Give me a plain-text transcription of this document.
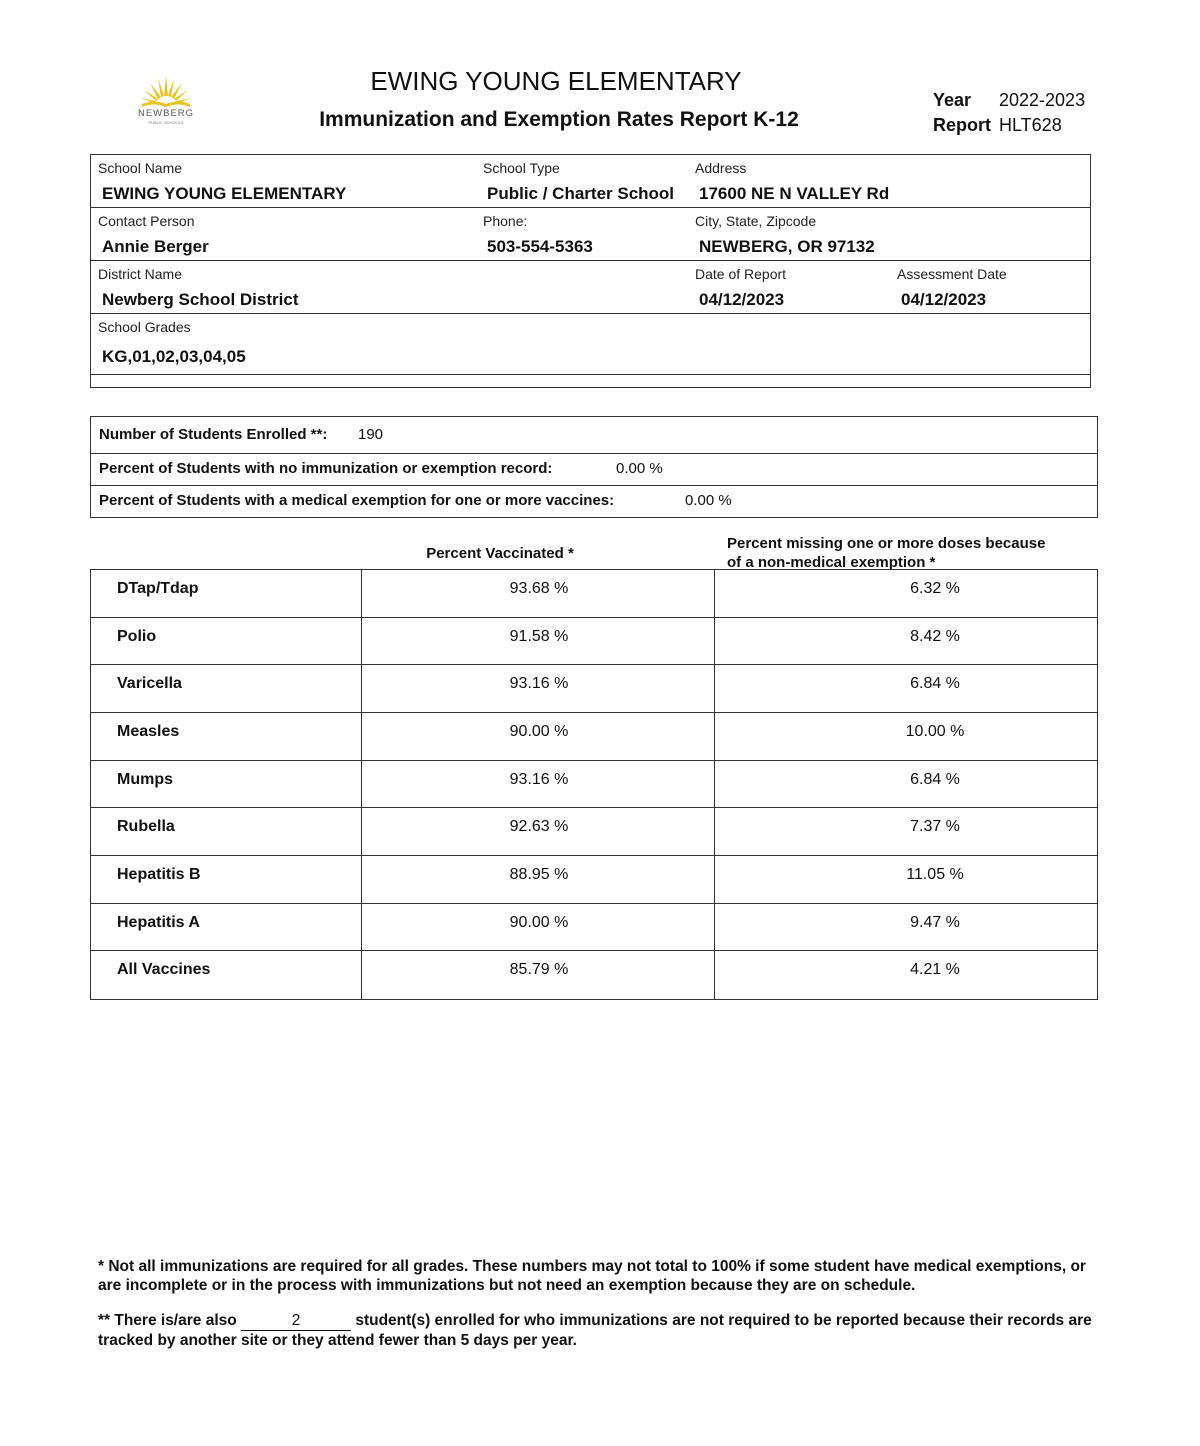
NEWBERG
PUBLIC SCHOOLS
EWING YOUNG ELEMENTARY
Immunization and Exemption Rates Report K-12
Year 2022-2023
Report HLT628
School Name
EWING YOUNG ELEMENTARY
School Type
Public / Charter School
Address
17600 NE N VALLEY Rd
Contact Person
Annie Berger
Phone:
503-554-5363
City, State, Zipcode
NEWBERG, OR 97132
District Name
Newberg School District
Date of Report
04/12/2023
Assessment Date
04/12/2023
School Grades
KG,01,02,03,04,05
Number of Students Enrolled **: 190
Percent of Students with no immunization or exemption record:	0.00 %
Percent of Students with a medical exemption for one or more vaccines:	0.00 %
Percent Vaccinated *
Percent missing one or more doses because
of a non-medical exemption *
DTap/Tdap	93.68 %	6.32 %
Polio	91.58 %	8.42 %
Varicella	93.16 %	6.84 %
Measles	90.00 %	10.00 %
Mumps	93.16 %	6.84 %
Rubella	92.63 %	7.37 %
Hepatitis B	88.95 %	11.05 %
Hepatitis A	90.00 %	9.47 %
All Vaccines	85.79 %	4.21 %
* Not all immunizations are required for all grades. These numbers may not total to 100% if some student have medical exemptions, or are incomplete or in the process with immunizations but not need an exemption because they are on schedule.
** There is/are also	2	student(s) enrolled for who immunizations are not required to be reported because their records are tracked by another site or they attend fewer than 5 days per year.
